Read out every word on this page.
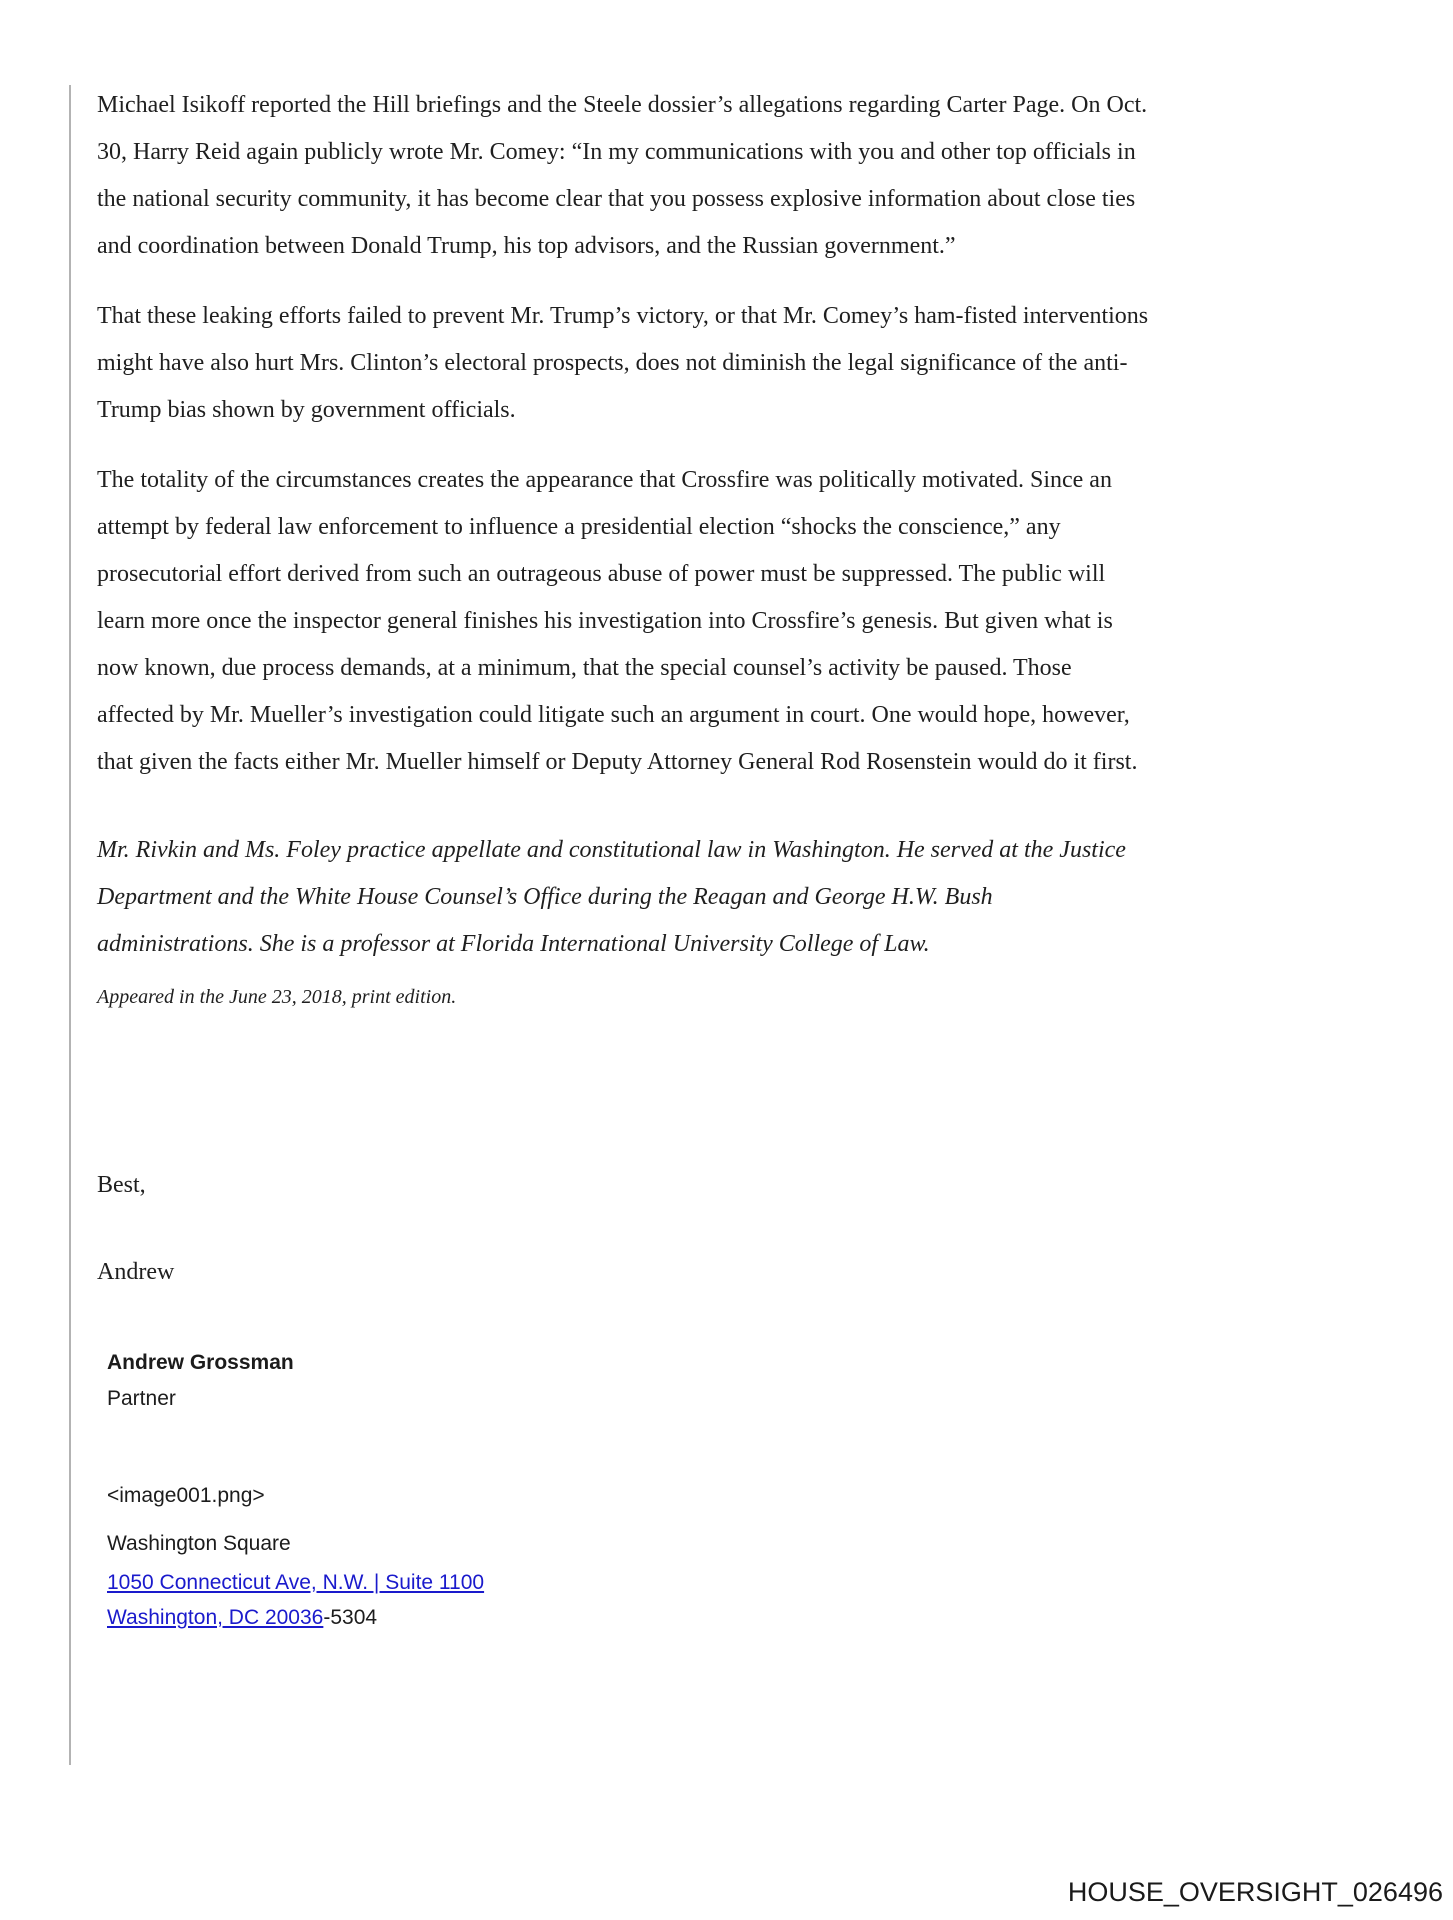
Michael Isikoff reported the Hill briefings and the Steele dossier’s allegations regarding Carter Page. On Oct. 30, Harry Reid again publicly wrote Mr. Comey: “In my communications with you and other top officials in the national security community, it has become clear that you possess explosive information about close ties and coordination between Donald Trump, his top advisors, and the Russian government.”

That these leaking efforts failed to prevent Mr. Trump’s victory, or that Mr. Comey’s ham-fisted interventions might have also hurt Mrs. Clinton’s electoral prospects, does not diminish the legal significance of the anti-Trump bias shown by government officials.

The totality of the circumstances creates the appearance that Crossfire was politically motivated. Since an attempt by federal law enforcement to influence a presidential election “shocks the conscience,” any prosecutorial effort derived from such an outrageous abuse of power must be suppressed. The public will learn more once the inspector general finishes his investigation into Crossfire’s genesis. But given what is now known, due process demands, at a minimum, that the special counsel’s activity be paused. Those affected by Mr. Mueller’s investigation could litigate such an argument in court. One would hope, however, that given the facts either Mr. Mueller himself or Deputy Attorney General Rod Rosenstein would do it first.

Mr. Rivkin and Ms. Foley practice appellate and constitutional law in Washington. He served at the Justice Department and the White House Counsel’s Office during the Reagan and George H.W. Bush administrations. She is a professor at Florida International University College of Law.

Appeared in the June 23, 2018, print edition.

Best,

Andrew

Andrew Grossman

Partner

<image001.png>

Washington Square

1050 Connecticut Ave, N.W. | Suite 1100

Washington, DC 20036-5304

HOUSE_OVERSIGHT_026496
